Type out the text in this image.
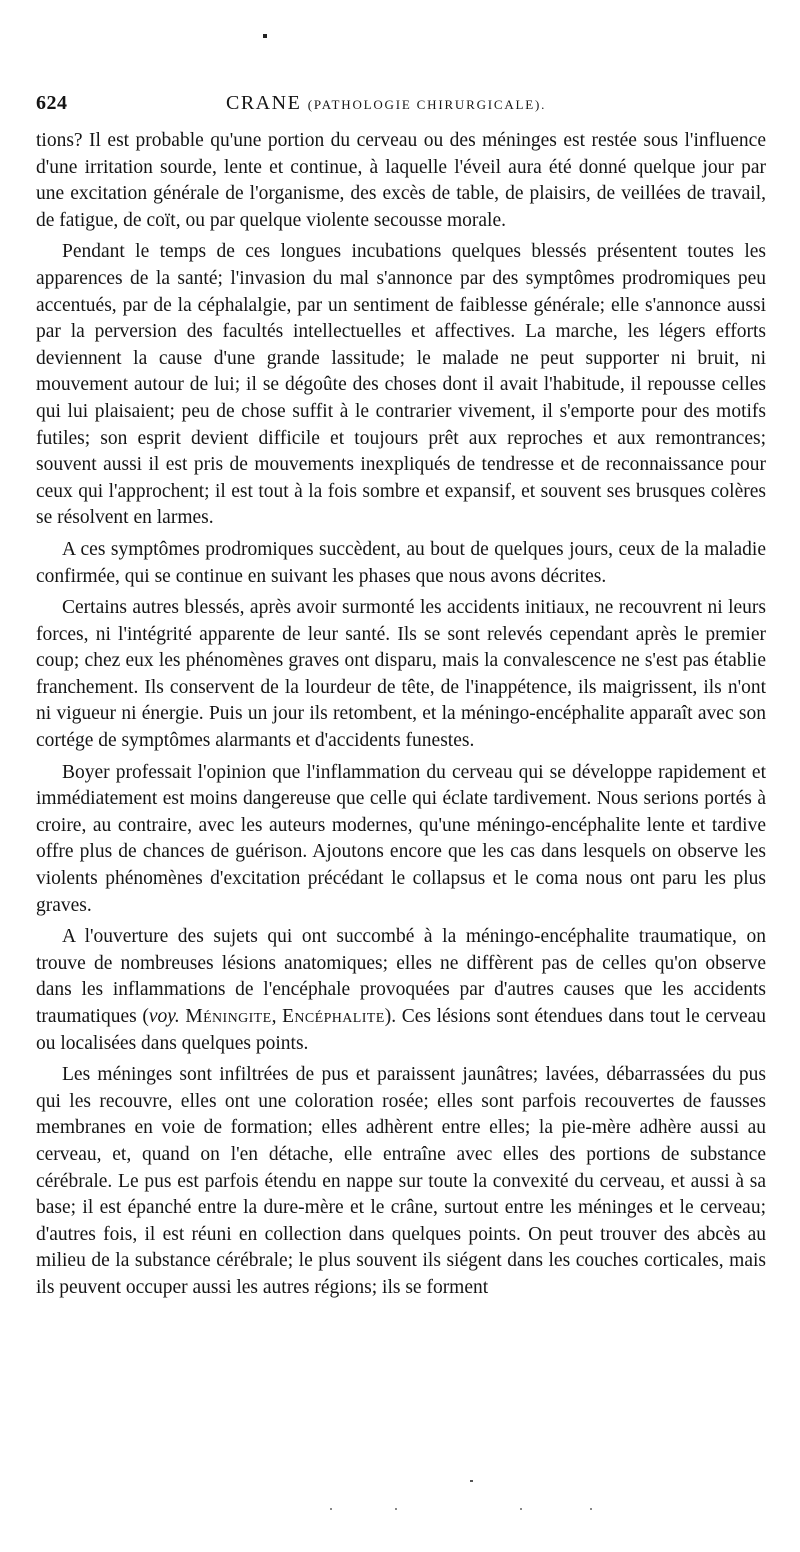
624	CRANE (PATHOLOGIE CHIRURGICALE).

tions? Il est probable qu'une portion du cerveau ou des méninges est restée sous l'influence d'une irritation sourde, lente et continue, à laquelle l'éveil aura été donné quelque jour par une excitation générale de l'organisme, des excès de table, de plaisirs, de veillées de travail, de fatigue, de coït, ou par quelque violente secousse morale.

Pendant le temps de ces longues incubations quelques blessés présentent toutes les apparences de la santé; l'invasion du mal s'annonce par des symptômes prodromiques peu accentués, par de la céphalalgie, par un sentiment de faiblesse générale; elle s'annonce aussi par la perversion des facultés intellectuelles et affectives. La marche, les légers efforts deviennent la cause d'une grande lassitude; le malade ne peut supporter ni bruit, ni mouvement autour de lui; il se dégoûte des choses dont il avait l'habitude, il repousse celles qui lui plaisaient; peu de chose suffit à le contrarier vivement, il s'emporte pour des motifs futiles; son esprit devient difficile et toujours prêt aux reproches et aux remontrances; souvent aussi il est pris de mouvements inexpliqués de tendresse et de reconnaissance pour ceux qui l'approchent; il est tout à la fois sombre et expansif, et souvent ses brusques colères se résolvent en larmes.

A ces symptômes prodromiques succèdent, au bout de quelques jours, ceux de la maladie confirmée, qui se continue en suivant les phases que nous avons décrites.

Certains autres blessés, après avoir surmonté les accidents initiaux, ne recouvrent ni leurs forces, ni l'intégrité apparente de leur santé. Ils se sont relevés cependant après le premier coup; chez eux les phénomènes graves ont disparu, mais la convalescence ne s'est pas établie franchement. Ils conservent de la lourdeur de tête, de l'inappétence, ils maigrissent, ils n'ont ni vigueur ni énergie. Puis un jour ils retombent, et la méningo-encéphalite apparaît avec son cortége de symptômes alarmants et d'accidents funestes.

Boyer professait l'opinion que l'inflammation du cerveau qui se développe rapidement et immédiatement est moins dangereuse que celle qui éclate tardivement. Nous serions portés à croire, au contraire, avec les auteurs modernes, qu'une méningo-encéphalite lente et tardive offre plus de chances de guérison. Ajoutons encore que les cas dans lesquels on observe les violents phénomènes d'excitation précédant le collapsus et le coma nous ont paru les plus graves.

A l'ouverture des sujets qui ont succombé à la méningo-encéphalite traumatique, on trouve de nombreuses lésions anatomiques; elles ne diffèrent pas de celles qu'on observe dans les inflammations de l'encéphale provoquées par d'autres causes que les accidents traumatiques (voy. Méningite, Encéphalite). Ces lésions sont étendues dans tout le cerveau ou localisées dans quelques points.

Les méninges sont infiltrées de pus et paraissent jaunâtres; lavées, débarrassées du pus qui les recouvre, elles ont une coloration rosée; elles sont parfois recouvertes de fausses membranes en voie de formation; elles adhèrent entre elles; la pie-mère adhère aussi au cerveau, et, quand on l'en détache, elle entraîne avec elles des portions de substance cérébrale. Le pus est parfois étendu en nappe sur toute la convexité du cerveau, et aussi à sa base; il est épanché entre la dure-mère et le crâne, surtout entre les méninges et le cerveau; d'autres fois, il est réuni en collection dans quelques points. On peut trouver des abcès au milieu de la substance cérébrale; le plus souvent ils siégent dans les couches corticales, mais ils peuvent occuper aussi les autres régions; ils se forment
